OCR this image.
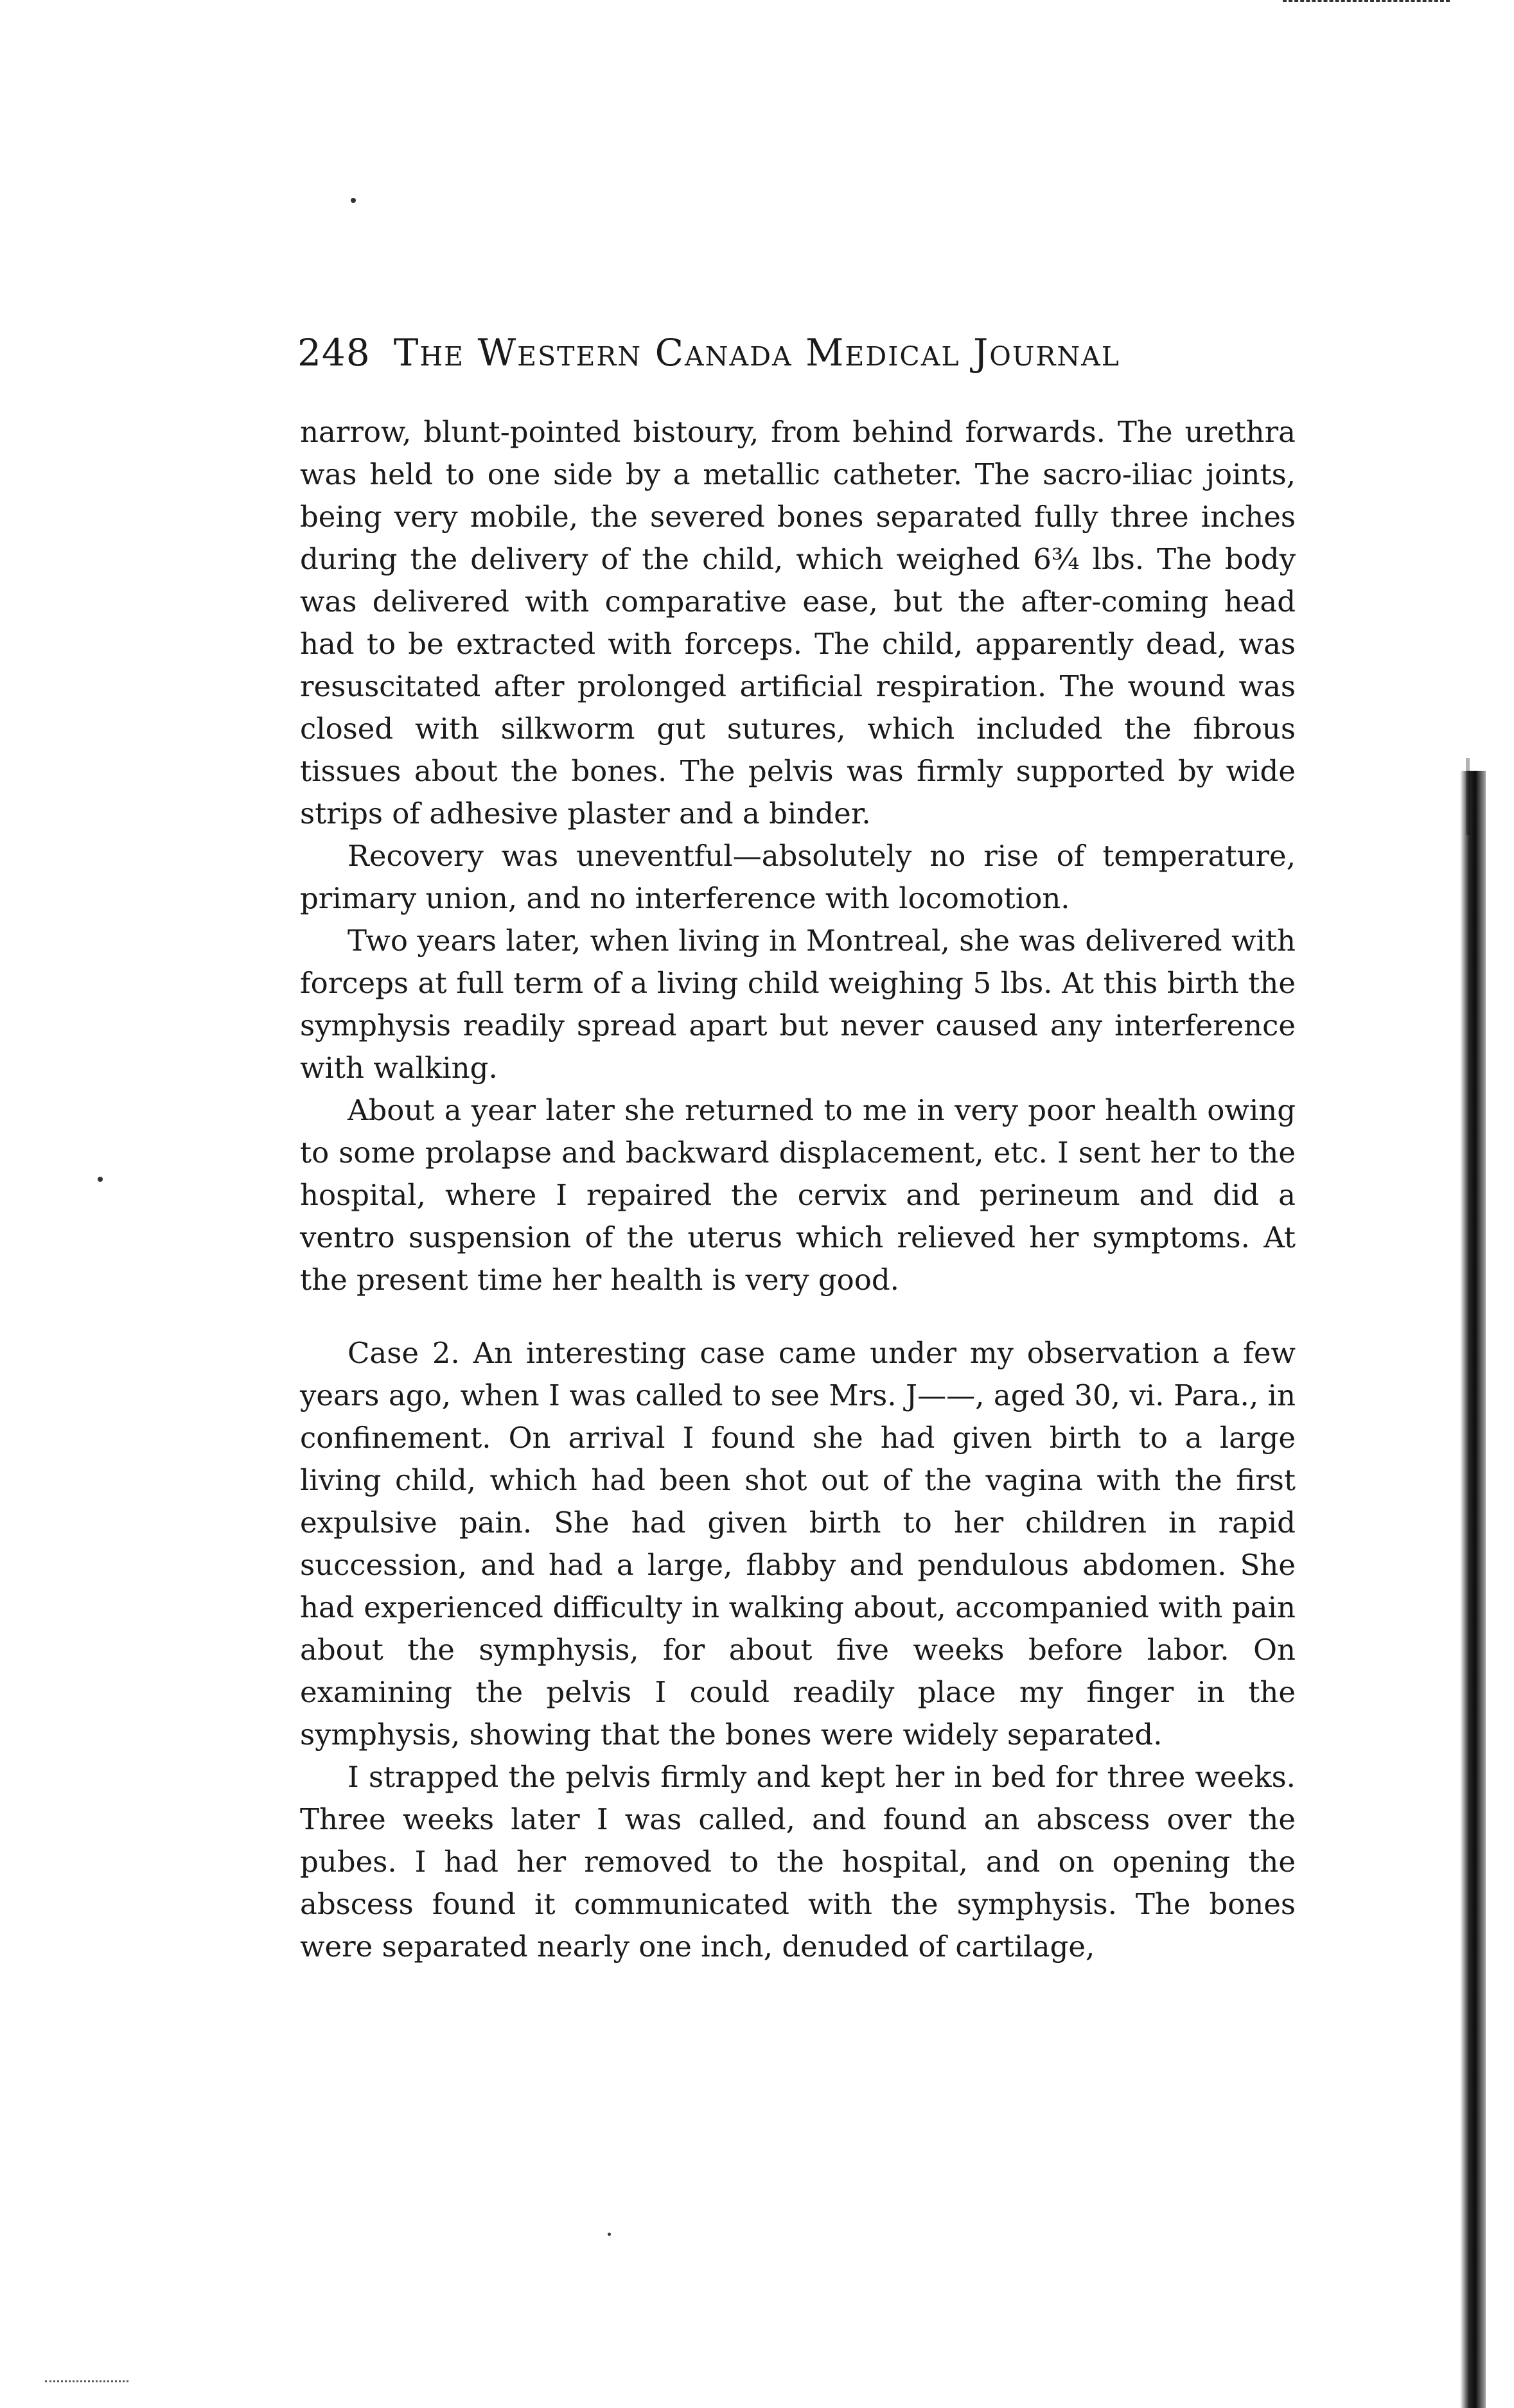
248 The Western Canada Medical Journal

narrow, blunt-pointed bistoury, from behind forwards. The urethra was held to one side by a metallic catheter. The sacro-iliac joints, being very mobile, the severed bones separated fully three inches during the delivery of the child, which weighed 6¾ lbs. The body was delivered with comparative ease, but the after-coming head had to be extracted with forceps. The child, apparently dead, was resuscitated after prolonged artificial respiration. The wound was closed with silkworm gut sutures, which included the fibrous tissues about the bones. The pelvis was firmly supported by wide strips of adhesive plaster and a binder.

Recovery was uneventful—absolutely no rise of temperature, primary union, and no interference with locomotion.

Two years later, when living in Montreal, she was delivered with forceps at full term of a living child weighing 5 lbs. At this birth the symphysis readily spread apart but never caused any interference with walking.

About a year later she returned to me in very poor health owing to some prolapse and backward displacement, etc. I sent her to the hospital, where I repaired the cervix and perineum and did a ventro suspension of the uterus which relieved her symptoms. At the present time her health is very good.

Case 2. An interesting case came under my observation a few years ago, when I was called to see Mrs. J——, aged 30, vi. Para., in confinement. On arrival I found she had given birth to a large living child, which had been shot out of the vagina with the first expulsive pain. She had given birth to her children in rapid succession, and had a large, flabby and pendulous abdomen. She had experienced difficulty in walking about, accompanied with pain about the symphysis, for about five weeks before labor. On examining the pelvis I could readily place my finger in the symphysis, showing that the bones were widely separated.

I strapped the pelvis firmly and kept her in bed for three weeks. Three weeks later I was called, and found an abscess over the pubes. I had her removed to the hospital, and on opening the abscess found it communicated with the symphysis. The bones were separated nearly one inch, denuded of cartilage,
